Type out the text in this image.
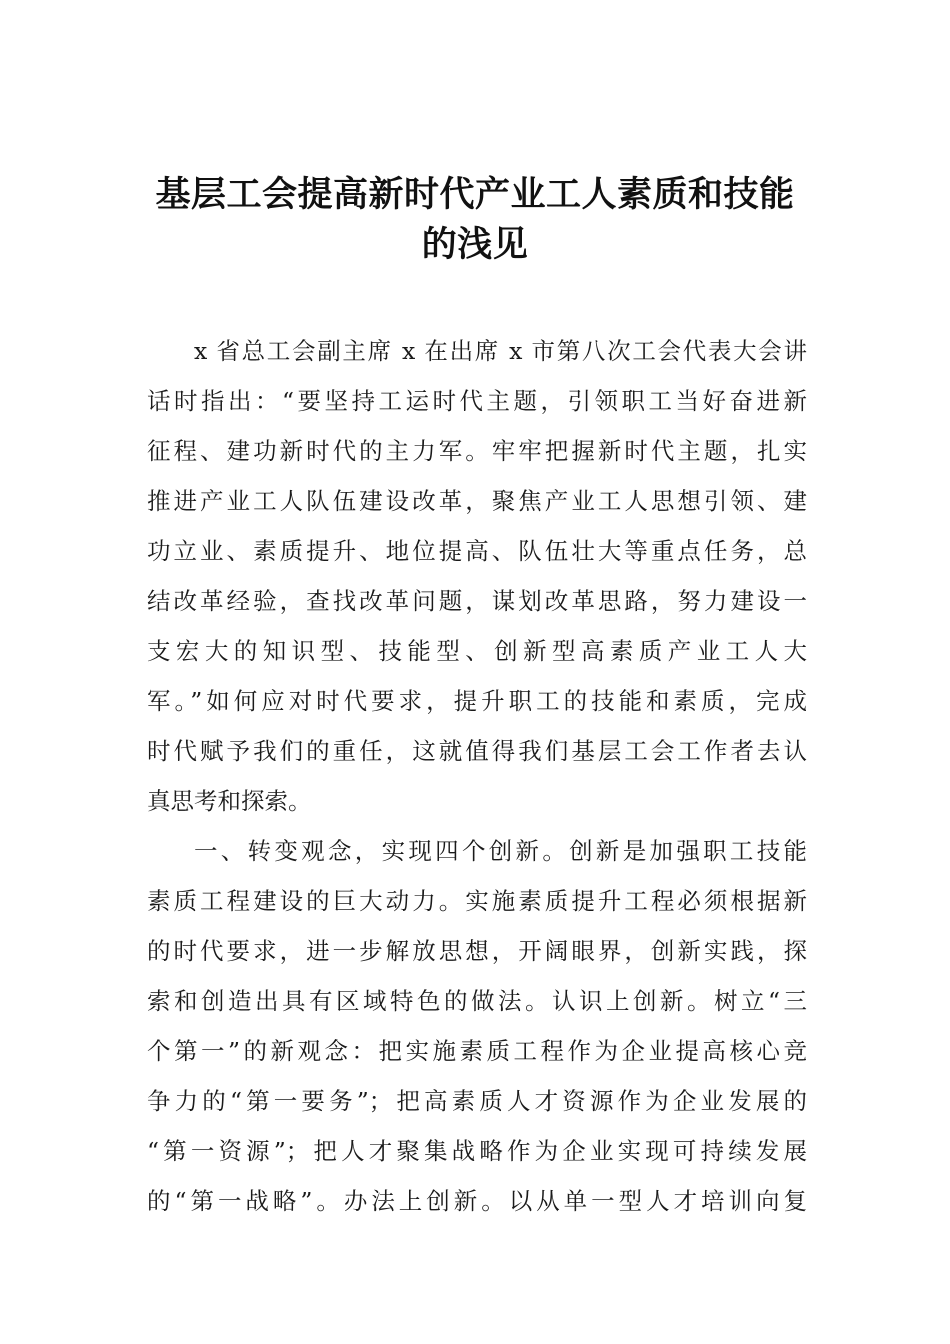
基层工会提高新时代产业工人素质和技能
的浅见
x 省总工会副主席 x 在出席 x 市第八次工会代表大会讲
话时指出：“要坚持工运时代主题，引领职工当好奋进新
征程、建功新时代的主力军。牢牢把握新时代主题，扎实
推进产业工人队伍建设改革，聚焦产业工人思想引领、建
功立业、素质提升、地位提高、队伍壮大等重点任务，总
结改革经验，查找改革问题，谋划改革思路，努力建设一
支宏大的知识型、技能型、创新型高素质产业工人大
军。”如何应对时代要求，提升职工的技能和素质，完成
时代赋予我们的重任，这就值得我们基层工会工作者去认
真思考和探索。
一、转变观念，实现四个创新。创新是加强职工技能
素质工程建设的巨大动力。实施素质提升工程必须根据新
的时代要求，进一步解放思想，开阔眼界，创新实践，探
索和创造出具有区域特色的做法。认识上创新。树立“三
个第一”的新观念：把实施素质工程作为企业提高核心竞
争力的“第一要务”；把高素质人才资源作为企业发展的
“第一资源”；把人才聚集战略作为企业实现可持续发展
的“第一战略”。办法上创新。以从单一型人才培训向复
